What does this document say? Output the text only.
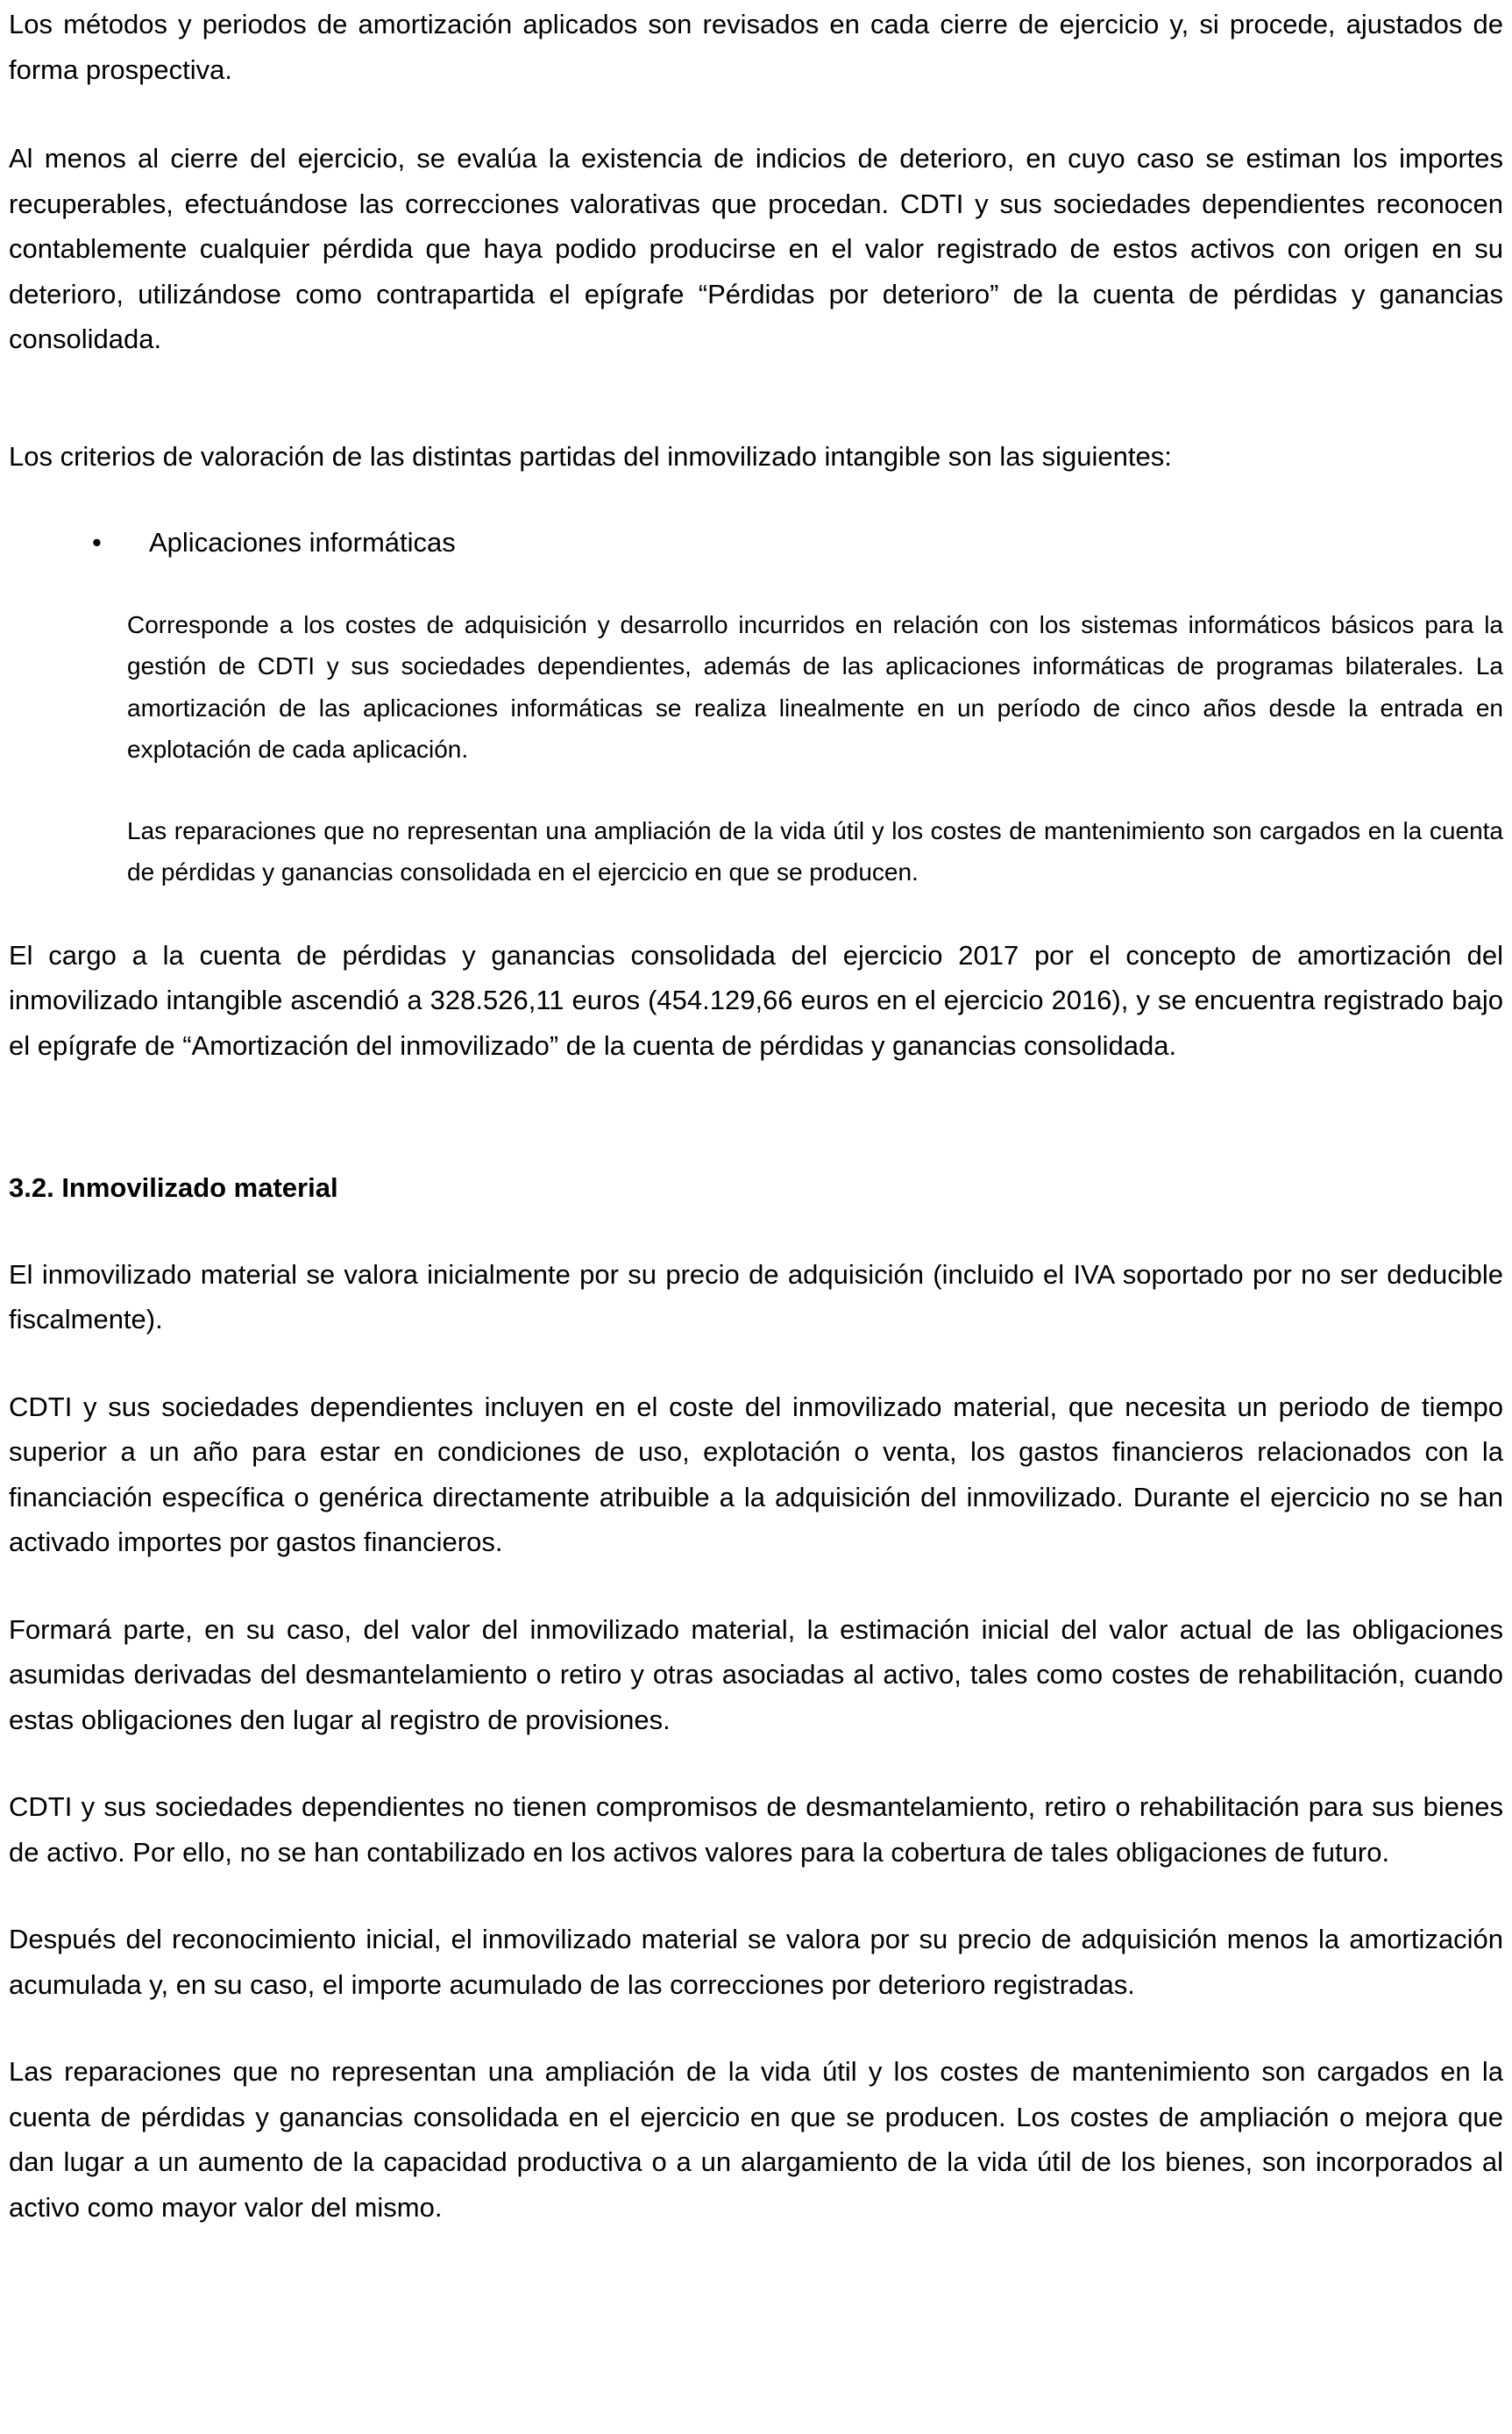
Los métodos y periodos de amortización aplicados son revisados en cada cierre de ejercicio y, si procede, ajustados de forma prospectiva.

Al menos al cierre del ejercicio, se evalúa la existencia de indicios de deterioro, en cuyo caso se estiman los importes recuperables, efectuándose las correcciones valorativas que procedan. CDTI y sus sociedades dependientes reconocen contablemente cualquier pérdida que haya podido producirse en el valor registrado de estos activos con origen en su deterioro, utilizándose como contrapartida el epígrafe “Pérdidas por deterioro” de la cuenta de pérdidas y ganancias consolidada.

Los criterios de valoración de las distintas partidas del inmovilizado intangible son las siguientes:

• Aplicaciones informáticas

Corresponde a los costes de adquisición y desarrollo incurridos en relación con los sistemas informáticos básicos para la gestión de CDTI y sus sociedades dependientes, además de las aplicaciones informáticas de programas bilaterales. La amortización de las aplicaciones informáticas se realiza linealmente en un período de cinco años desde la entrada en explotación de cada aplicación.

Las reparaciones que no representan una ampliación de la vida útil y los costes de mantenimiento son cargados en la cuenta de pérdidas y ganancias consolidada en el ejercicio en que se producen.

El cargo a la cuenta de pérdidas y ganancias consolidada del ejercicio 2017 por el concepto de amortización del inmovilizado intangible ascendió a 328.526,11 euros (454.129,66 euros en el ejercicio 2016), y se encuentra registrado bajo el epígrafe de “Amortización del inmovilizado” de la cuenta de pérdidas y ganancias consolidada.

3.2. Inmovilizado material

El inmovilizado material se valora inicialmente por su precio de adquisición (incluido el IVA soportado por no ser deducible fiscalmente).

CDTI y sus sociedades dependientes incluyen en el coste del inmovilizado material, que necesita un periodo de tiempo superior a un año para estar en condiciones de uso, explotación o venta, los gastos financieros relacionados con la financiación específica o genérica directamente atribuible a la adquisición del inmovilizado. Durante el ejercicio no se han activado importes por gastos financieros.

Formará parte, en su caso, del valor del inmovilizado material, la estimación inicial del valor actual de las obligaciones asumidas derivadas del desmantelamiento o retiro y otras asociadas al activo, tales como costes de rehabilitación, cuando estas obligaciones den lugar al registro de provisiones.

CDTI y sus sociedades dependientes no tienen compromisos de desmantelamiento, retiro o rehabilitación para sus bienes de activo. Por ello, no se han contabilizado en los activos valores para la cobertura de tales obligaciones de futuro.

Después del reconocimiento inicial, el inmovilizado material se valora por su precio de adquisición menos la amortización acumulada y, en su caso, el importe acumulado de las correcciones por deterioro registradas.

Las reparaciones que no representan una ampliación de la vida útil y los costes de mantenimiento son cargados en la cuenta de pérdidas y ganancias consolidada en el ejercicio en que se producen. Los costes de ampliación o mejora que dan lugar a un aumento de la capacidad productiva o a un alargamiento de la vida útil de los bienes, son incorporados al activo como mayor valor del mismo.
